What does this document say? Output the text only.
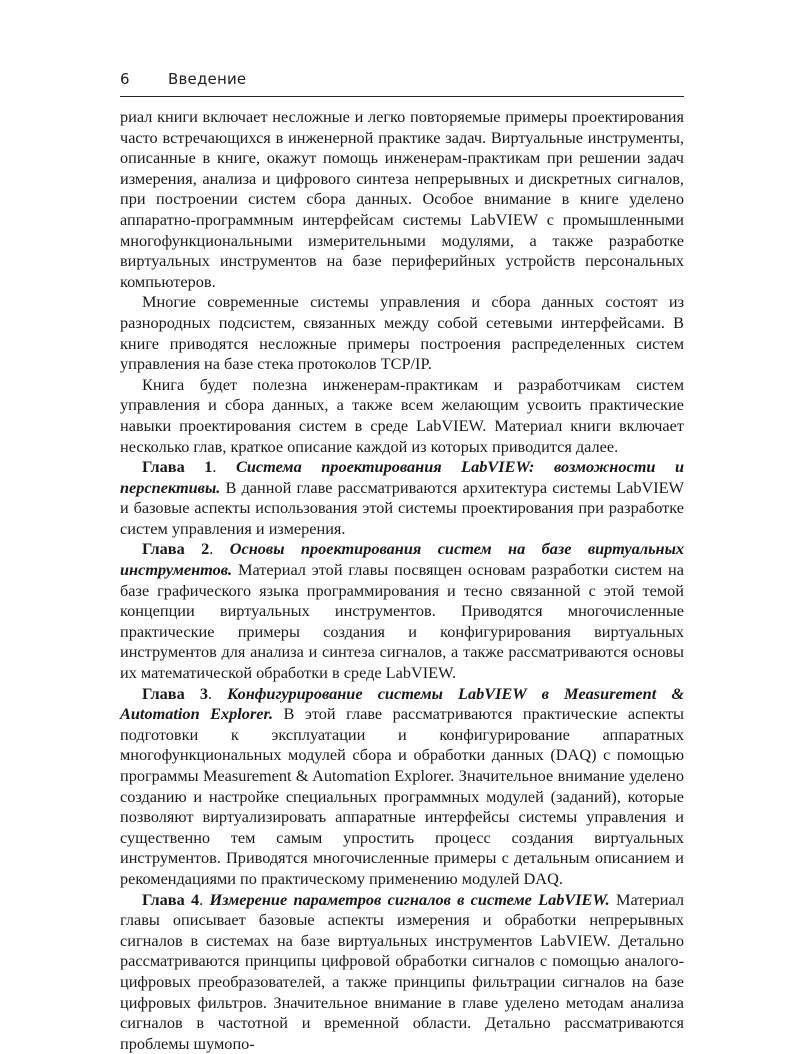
6	Введение

риал книги включает несложные и легко повторяемые примеры проектирования часто встречающихся в инженерной практике задач. Виртуальные инструменты, описанные в книге, окажут помощь инженерам-практикам при решении задач измерения, анализа и цифрового синтеза непрерывных и дискретных сигналов, при построении систем сбора данных. Особое внимание в книге уделено аппаратно-программным интерфейсам системы LabVIEW с промышленными многофункциональными измерительными модулями, а также разработке виртуальных инструментов на базе периферийных устройств персональных компьютеров.

Многие современные системы управления и сбора данных состоят из разнородных подсистем, связанных между собой сетевыми интерфейсами. В книге приводятся несложные примеры построения распределенных систем управления на базе стека протоколов TCP/IP.

Книга будет полезна инженерам-практикам и разработчикам систем управления и сбора данных, а также всем желающим усвоить практические навыки проектирования систем в среде LabVIEW. Материал книги включает несколько глав, краткое описание каждой из которых приводится далее.

Глава 1. Система проектирования LabVIEW: возможности и перспективы. В данной главе рассматриваются архитектура системы LabVIEW и базовые аспекты использования этой системы проектирования при разработке систем управления и измерения.

Глава 2. Основы проектирования систем на базе виртуальных инструментов. Материал этой главы посвящен основам разработки систем на базе графического языка программирования и тесно связанной с этой темой концепции виртуальных инструментов. Приводятся многочисленные практические примеры создания и конфигурирования виртуальных инструментов для анализа и синтеза сигналов, а также рассматриваются основы их математической обработки в среде LabVIEW.

Глава 3. Конфигурирование системы LabVIEW в Measurement & Automation Explorer. В этой главе рассматриваются практические аспекты подготовки к эксплуатации и конфигурирование аппаратных многофункциональных модулей сбора и обработки данных (DAQ) с помощью программы Measurement & Automation Explorer. Значительное внимание уделено созданию и настройке специальных программных модулей (заданий), которые позволяют виртуализировать аппаратные интерфейсы системы управления и существенно тем самым упростить процесс создания виртуальных инструментов. Приводятся многочисленные примеры с детальным описанием и рекомендациями по практическому применению модулей DAQ.

Глава 4. Измерение параметров сигналов в системе LabVIEW. Материал главы описывает базовые аспекты измерения и обработки непрерывных сигналов в системах на базе виртуальных инструментов LabVIEW. Детально рассматриваются принципы цифровой обработки сигналов с помощью аналого-цифровых преобразователей, а также принципы фильтрации сигналов на базе цифровых фильтров. Значительное внимание в главе уделено методам анализа сигналов в частотной и временной области. Детально рассматриваются проблемы шумопо-
